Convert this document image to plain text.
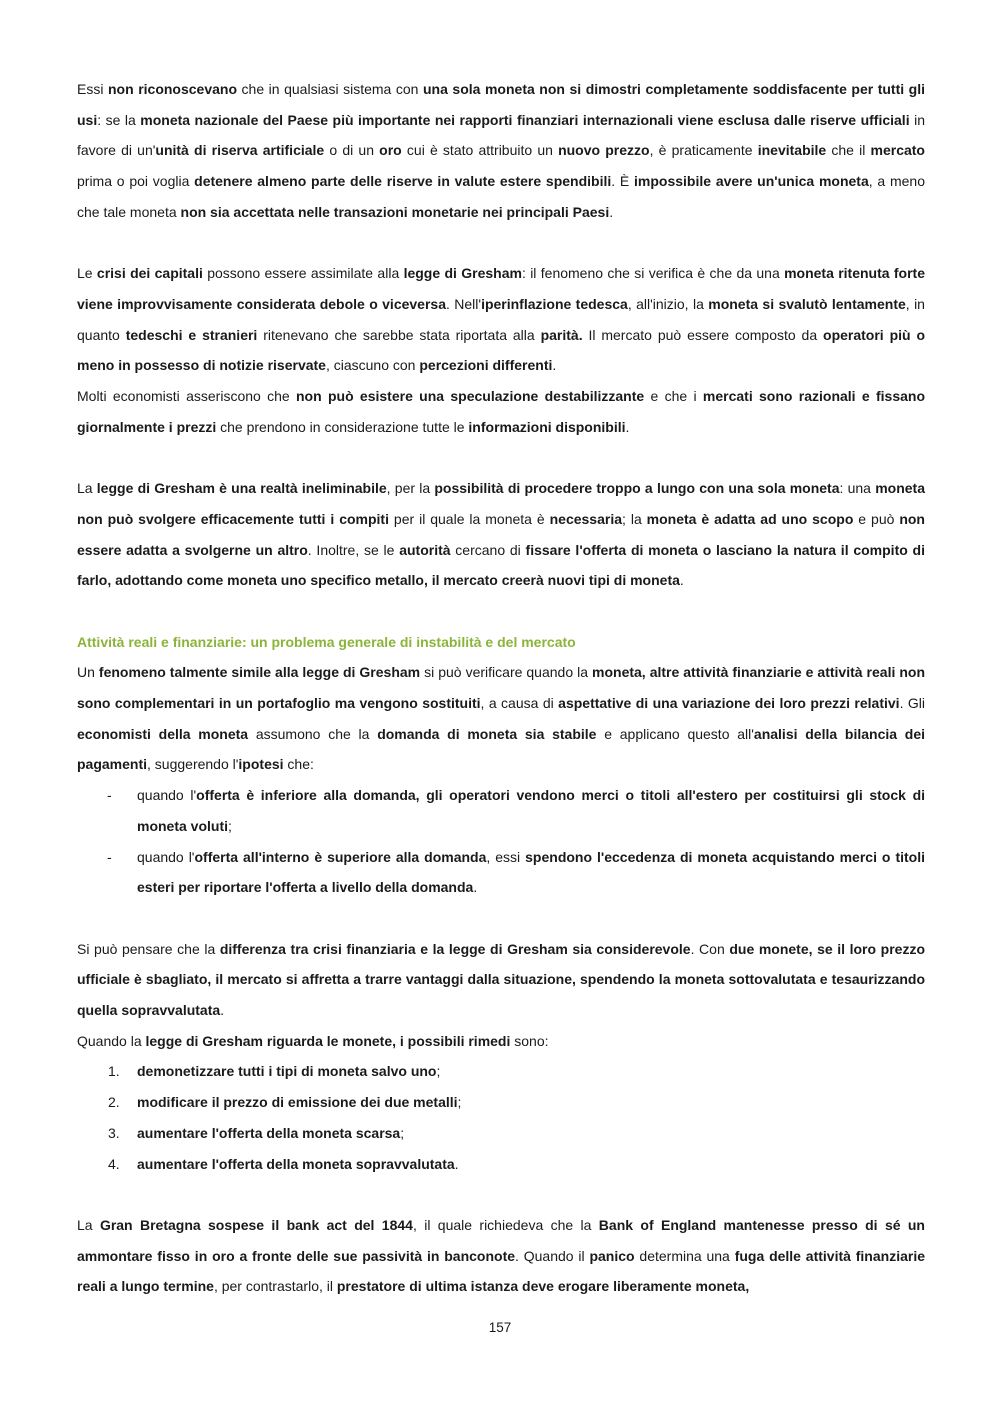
Essi non riconoscevano che in qualsiasi sistema con una sola moneta non si dimostri completamente soddisfacente per tutti gli usi: se la moneta nazionale del Paese più importante nei rapporti finanziari internazionali viene esclusa dalle riserve ufficiali in favore di un'unità di riserva artificiale o di un oro cui è stato attribuito un nuovo prezzo, è praticamente inevitabile che il mercato prima o poi voglia detenere almeno parte delle riserve in valute estere spendibili. È impossibile avere un'unica moneta, a meno che tale moneta non sia accettata nelle transazioni monetarie nei principali Paesi.

Le crisi dei capitali possono essere assimilate alla legge di Gresham: il fenomeno che si verifica è che da una moneta ritenuta forte viene improvvisamente considerata debole o viceversa. Nell'iperinflazione tedesca, all'inizio, la moneta si svalutò lentamente, in quanto tedeschi e stranieri ritenevano che sarebbe stata riportata alla parità. Il mercato può essere composto da operatori più o meno in possesso di notizie riservate, ciascuno con percezioni differenti.

Molti economisti asseriscono che non può esistere una speculazione destabilizzante e che i mercati sono razionali e fissano giornalmente i prezzi che prendono in considerazione tutte le informazioni disponibili.

La legge di Gresham è una realtà ineliminabile, per la possibilità di procedere troppo a lungo con una sola moneta: una moneta non può svolgere efficacemente tutti i compiti per il quale la moneta è necessaria; la moneta è adatta ad uno scopo e può non essere adatta a svolgerne un altro. Inoltre, se le autorità cercano di fissare l'offerta di moneta o lasciano la natura il compito di farlo, adottando come moneta uno specifico metallo, il mercato creerà nuovi tipi di moneta.

Attività reali e finanziarie: un problema generale di instabilità e del mercato

Un fenomeno talmente simile alla legge di Gresham si può verificare quando la moneta, altre attività finanziarie e attività reali non sono complementari in un portafoglio ma vengono sostituiti, a causa di aspettative di una variazione dei loro prezzi relativi. Gli economisti della moneta assumono che la domanda di moneta sia stabile e applicano questo all'analisi della bilancia dei pagamenti, suggerendo l'ipotesi che:

- quando l'offerta è inferiore alla domanda, gli operatori vendono merci o titoli all'estero per costituirsi gli stock di moneta voluti;
- quando l'offerta all'interno è superiore alla domanda, essi spendono l'eccedenza di moneta acquistando merci o titoli esteri per riportare l'offerta a livello della domanda.

Si può pensare che la differenza tra crisi finanziaria e la legge di Gresham sia considerevole. Con due monete, se il loro prezzo ufficiale è sbagliato, il mercato si affretta a trarre vantaggi dalla situazione, spendendo la moneta sottovalutata e tesaurizzando quella sopravvalutata.

Quando la legge di Gresham riguarda le monete, i possibili rimedi sono:

1. demonetizzare tutti i tipi di moneta salvo uno;
2. modificare il prezzo di emissione dei due metalli;
3. aumentare l'offerta della moneta scarsa;
4. aumentare l'offerta della moneta sopravvalutata.

La Gran Bretagna sospese il bank act del 1844, il quale richiedeva che la Bank of England mantenesse presso di sé un ammontare fisso in oro a fronte delle sue passività in banconote. Quando il panico determina una fuga delle attività finanziarie reali a lungo termine, per contrastarlo, il prestatore di ultima istanza deve erogare liberamente moneta,

157
